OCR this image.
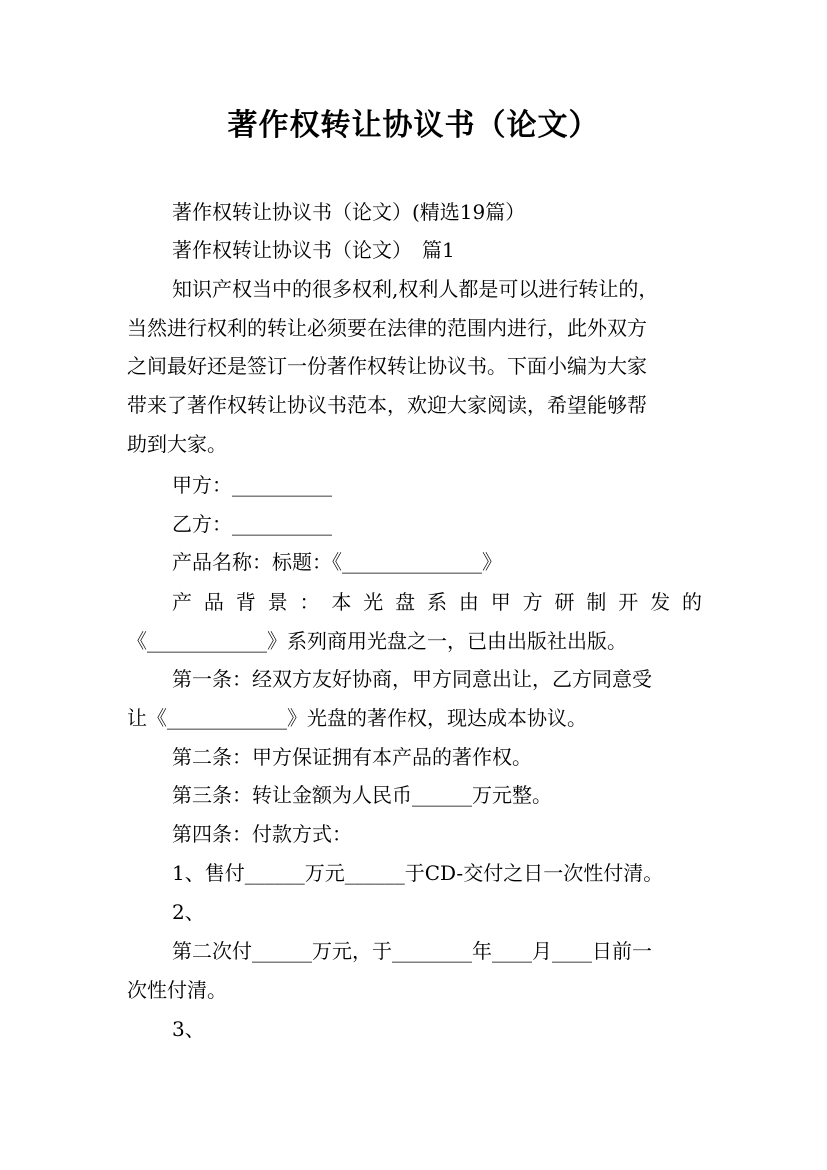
著作权转让协议书（论文）
著作权转让协议书（论文）(精选19篇）
著作权转让协议书（论文）　篇1
知识产权当中的很多权利,权利人都是可以进行转让的，
当然进行权利的转让必须要在法律的范围内进行，此外双方
之间最好还是签订一份著作权转让协议书。下面小编为大家
带来了著作权转让协议书范本，欢迎大家阅读，希望能够帮
助到大家。
甲方：__________
乙方：__________
产品名称：标题：《______________》
产 品 背 景 ： 本 光 盘 系 由 甲 方 研 制 开 发 的
《____________》系列商用光盘之一，已由出版社出版。
第一条：经双方友好协商，甲方同意出让，乙方同意受
让《____________》光盘的著作权，现达成本协议。
第二条：甲方保证拥有本产品的著作权。
第三条：转让金额为人民币______万元整。
第四条：付款方式：
1、售付______万元______于CD-交付之日一次性付清。
2、
第二次付______万元，于________年____月____日前一
次性付清。
3、
